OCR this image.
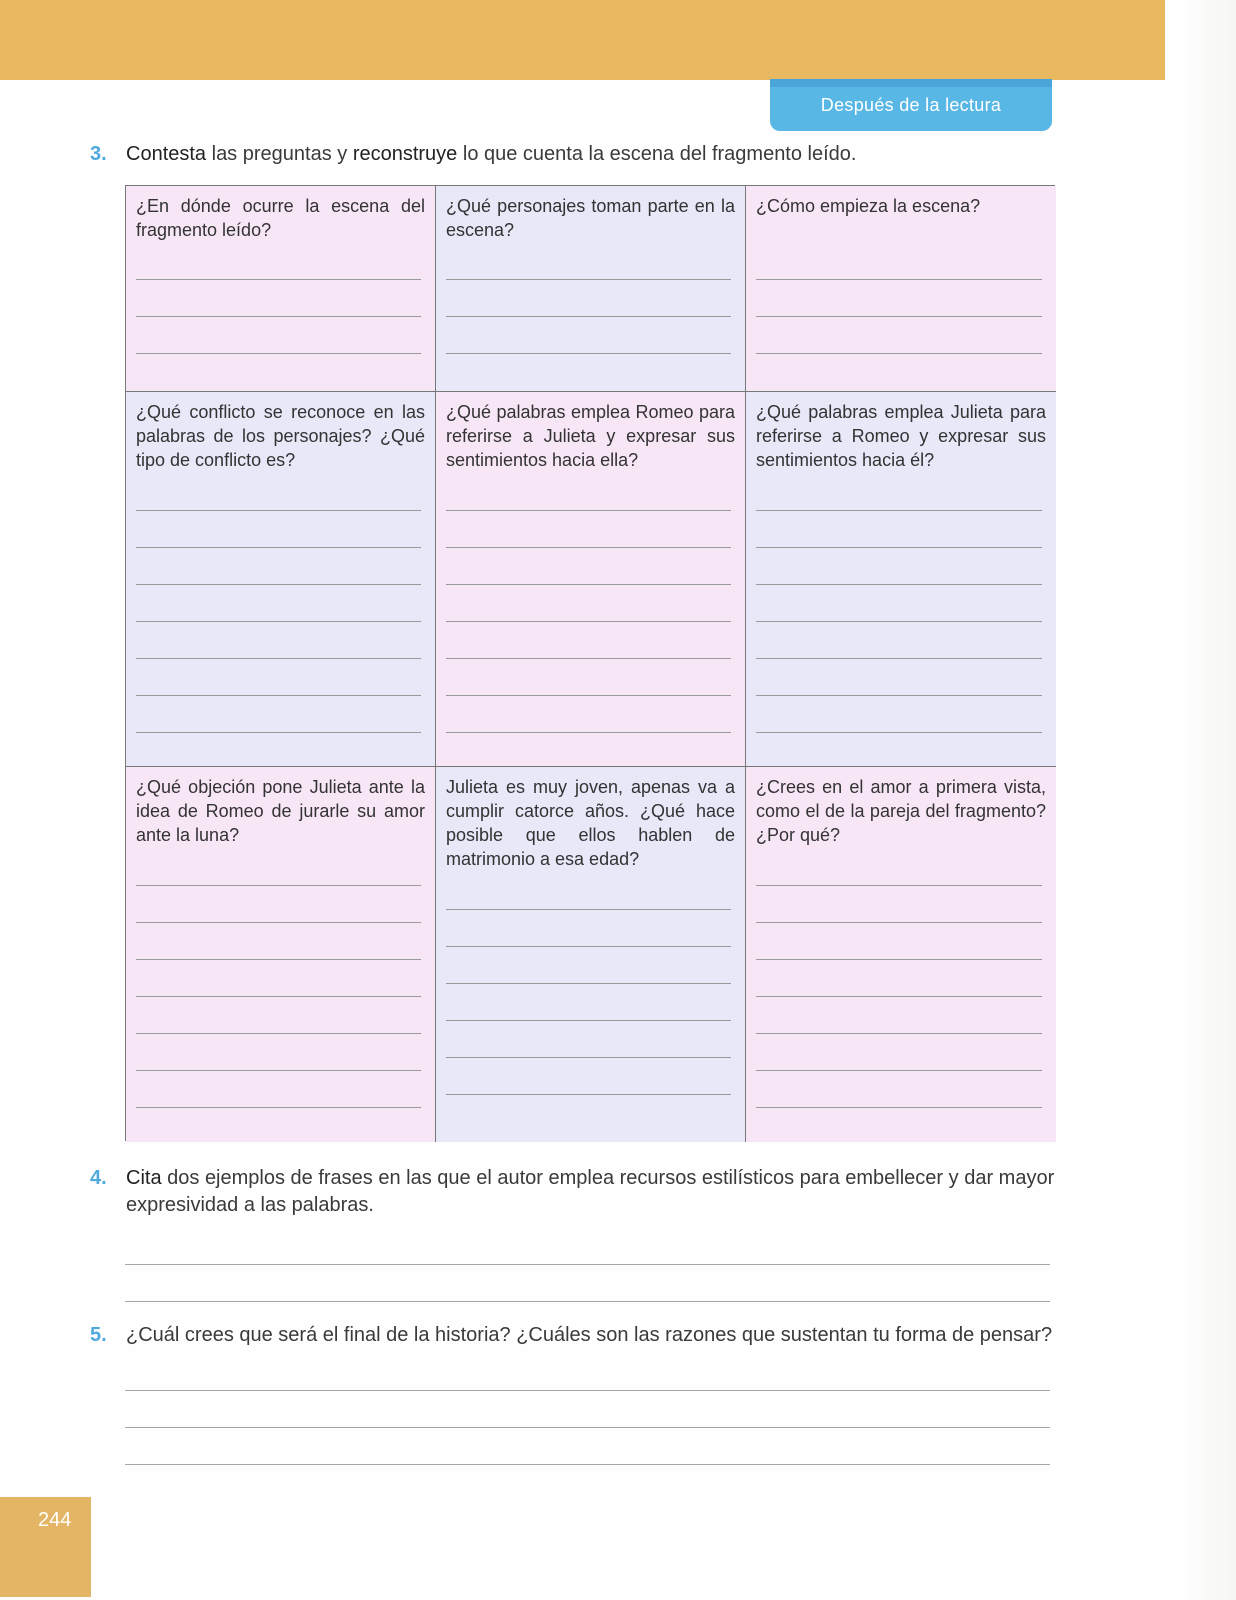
Después de la lectura
3. Contesta las preguntas y reconstruye lo que cuenta la escena del fragmento leído.

¿En dónde ocurre la escena del fragmento leído?

¿Qué personajes toman parte en la escena?

¿Cómo empieza la escena?

¿Qué conflicto se reconoce en las palabras de los personajes? ¿Qué tipo de conflicto es?

¿Qué palabras emplea Romeo para referirse a Julieta y expresar sus sentimientos hacia ella?

¿Qué palabras emplea Julieta para referirse a Romeo y expresar sus sentimientos hacia él?

¿Qué objeción pone Julieta ante la idea de Romeo de jurarle su amor ante la luna?

Julieta es muy joven, apenas va a cumplir catorce años. ¿Qué hace posible que ellos hablen de matrimonio a esa edad?

¿Crees en el amor a primera vista, como el de la pareja del fragmento? ¿Por qué?

4. Cita dos ejemplos de frases en las que el autor emplea recursos estilísticos para embellecer y dar mayor expresividad a las palabras.
5. ¿Cuál crees que será el final de la historia? ¿Cuáles son las razones que sustentan tu forma de pensar?
244
